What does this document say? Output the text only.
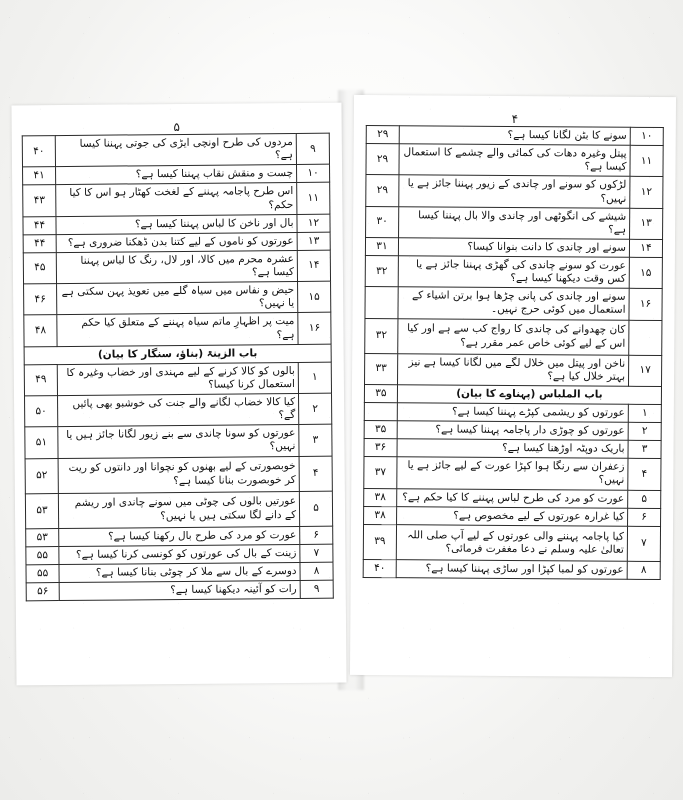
۴
۱۰	سونے کا بٹن لگانا کیسا ہے؟	۲۹
۱۱	پیتل وغیرہ دھات کی کمائی والے چشمے کا استعمال کیسا ہے؟	۲۹
۱۲	لڑکوں کو سونے اور چاندی کے زیور پہننا جائز ہے یا نہیں؟	۲۹
۱۳	شیشے کی انگوٹھی اور چاندی والا بال پہننا کیسا ہے؟	۳۰
۱۴	سونے اور چاندی کا دانت بنوانا کیسا؟	۳۱
۱۵	عورت کو سونے چاندی کی گھڑی پہننا جائز ہے یا کس وقت دیکھنا کیسا ہے؟	۳۲
۱۶	سونے اور چاندی کی پانی چڑھا ہوا برتن اشیاء کے استعمال میں کوئی حرج نہیں۔	
	کان چھدوانے کی چاندی کا رواج کب سے ہے اور کیا اس کے لیے کوئی خاص عمر مقرر ہے؟	۳۲
۱۷	ناخن اور پیتل میں خلال لگے میں لگانا کیسا ہے نیز بہتر خلال کیا ہے؟	۳۳
باب الملباس (پہناوے کا بیان)		۳۵
۱	عورتوں کو ریشمی کپڑے پہننا کیسا ہے؟	
۲	عورتوں کو چوڑی دار پاجامہ پہننا کیسا ہے؟	۳۵
۳	باریک دوپٹہ اوڑھنا کیسا ہے؟	۳۶
۴	زعفران سے رنگا ہوا کپڑا عورت کے لیے جائز ہے یا نہیں؟	۳۷
۵	عورت کو مرد کی طرح لباس پہننے کا کیا حکم ہے؟	۳۸
۶	کیا غرارہ عورتوں کے لیے مخصوص ہے؟	۳۸
۷	کیا پاجامہ پہننے والی عورتوں کے لیے آپ صلی اللہ تعالیٰ علیہ وسلم نے دعا مغفرت فرمائی؟	۳۹
۸	عورتوں کو لمبا کپڑا اور ساڑی پہننا کیسا ہے؟	۴۰
۵
۹	مردوں کی طرح اونچی ایڑی کی جوتی پہننا کیسا ہے؟	۴۰
۱۰	چست و منقش نقاب پہننا کیسا ہے؟	۴۱
۱۱	اس طرح پاجامہ پہننے کے لغخت کھٹار ہو اس کا کیا حکم؟	۴۳
۱۲	بال اور ناخن کا لباس پہننا کیسا ہے؟	۴۴
۱۳	عورتوں کو ناموں کے لیے کتنا بدن ڈھکنا ضروری ہے؟	۴۴
۱۴	عشرہ محرم میں کالا، اور لال، رنگ کا لباس پہننا کیسا ہے؟	۴۵
۱۵	حیض و نفاس میں سیاہ گلے میں تعویذ پہن سکتی ہے یا نہیں؟	۴۶
۱۶	میت پر اظہارِ ماتم سیاہ پہننے کے متعلق کیا حکم ہے؟	۴۸
باب الزینۃ (بناؤ، سنگار کا بیان)		
۱	بالوں کو کالا کرنے کے لیے مہندی اور خضاب وغیرہ کا استعمال کرنا کیسا؟	۴۹
۲	کیا کالا خضاب لگانے والے جنت کی خوشبو بھی پائیں گے؟	۵۰
۳	عورتوں کو سونا چاندی سے بنے زیور لگانا جائز ہیں یا نہیں؟	۵۱
۴	خوبصورتی کے لیے بھنوں کو نچوانا اور دانتوں کو ریت کر خوبصورت بنانا کیسا ہے؟	۵۲
۵	عورتیں بالوں کی چوٹی میں سونے چاندی اور ریشم کے دانے لگا سکتی ہیں یا نہیں؟	۵۳
۶	عورت کو مرد کی طرح بال رکھنا کیسا ہے؟	۵۳
۷	زینت کے بال کی عورتوں کو کونسی کرنا کیسا ہے؟	۵۵
۸	دوسرے کے بال سے ملا کر چوٹی بنانا کیسا ہے؟	۵۵
۹	رات کو آئینہ دیکھنا کیسا ہے؟	۵۶
